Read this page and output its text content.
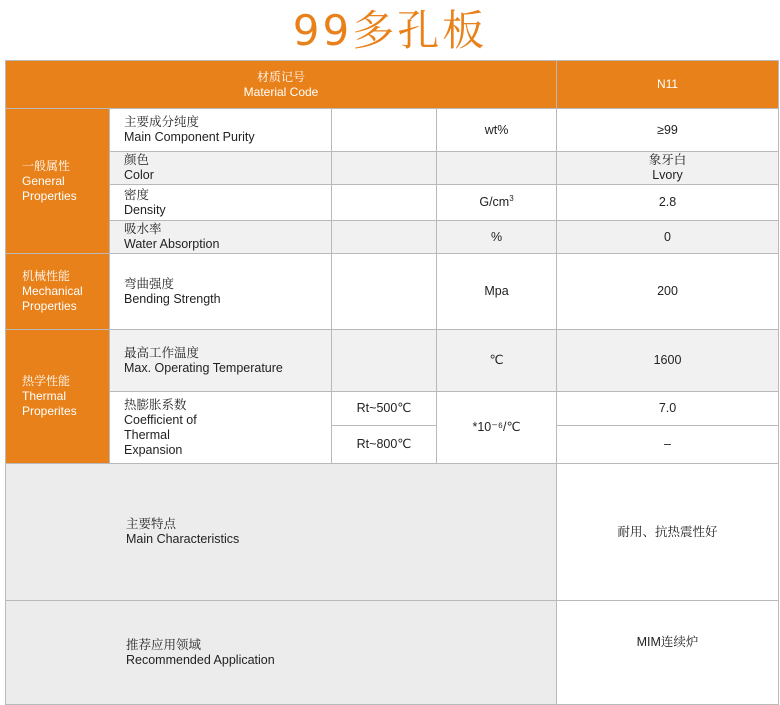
99多孔板
材质记号
Material Code				N11

一般属性
General
Properties	主要成分纯度
Main Component Purity		wt%	≥99

	颜色
Color			象牙白
Lvory

	密度
Density		$G/cm^3$	2.8

	吸水率
Water Absorption		%	0

机械性能
Mechanical
Properties	弯曲强度
Bending Strength		Mpa	200

热学性能
Thermal
Properites	最高工作温度
Max. Operating Temperature		℃	1600

	热膨胀系数
Coefficient of
Thermal
Expansion	Rt~500℃	*10⁻⁶/℃	7.0
		Rt~800℃		–

主要特点
Main Characteristics				耐用、抗热震性好

推荐应用领域
Recommended Application				MIM连续炉
